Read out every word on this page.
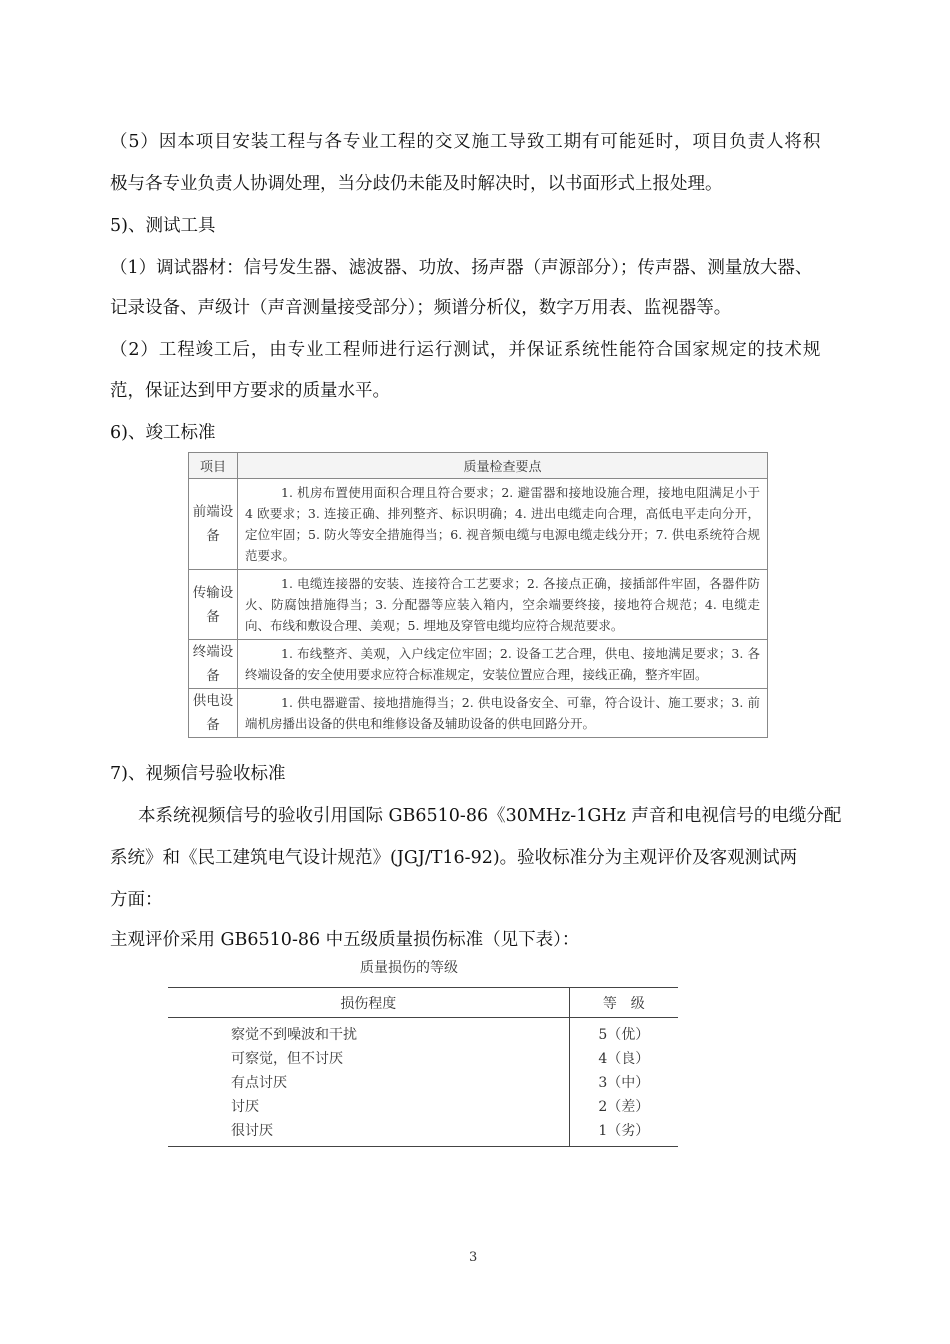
（5）因本项目安装工程与各专业工程的交叉施工导致工期有可能延时，项目负责人将积
极与各专业负责人协调处理，当分歧仍未能及时解决时，以书面形式上报处理。
5)、测试工具
（1）调试器材：信号发生器、滤波器、功放、扬声器（声源部分）；传声器、测量放大器、
记录设备、声级计（声音测量接受部分）；频谱分析仪，数字万用表、监视器等。
（2）工程竣工后，由专业工程师进行运行测试，并保证系统性能符合国家规定的技术规
范，保证达到甲方要求的质量水平。
6)、竣工标准
项目	质量检查要点
前端设备	1. 机房布置使用面积合理且符合要求；2. 避雷器和接地设施合理，接地电阻满足小于 4 欧要求；3. 连接正确、排列整齐、标识明确；4. 进出电缆走向合理，高低电平走向分开，定位牢固；5. 防火等安全措施得当；6. 视音频电缆与电源电缆走线分开；7. 供电系统符合规范要求。
传输设备	1. 电缆连接器的安装、连接符合工艺要求；2. 各接点正确，接插部件牢固，各器件防火、防腐蚀措施得当；3. 分配器等应装入箱内，空余端要终接，接地符合规范；4. 电缆走向、布线和敷设合理、美观；5. 埋地及穿管电缆均应符合规范要求。
终端设备	1. 布线整齐、美观，入户线定位牢固；2. 设备工艺合理，供电、接地满足要求；3. 各终端设备的安全使用要求应符合标准规定，安装位置应合理，接线正确，整齐牢固。
供电设备	1. 供电器避雷、接地措施得当；2. 供电设备安全、可靠，符合设计、施工要求；3. 前端机房播出设备的供电和维修设备及辅助设备的供电回路分开。
7)、视频信号验收标准
本系统视频信号的验收引用国际 GB6510-86《30MHz-1GHz 声音和电视信号的电缆分配
系统》和《民工建筑电气设计规范》(JGJ/T16-92)。验收标准分为主观评价及客观测试两
方面：
主观评价采用 GB6510-86 中五级质量损伤标准（见下表）：
质量损伤的等级
损伤程度	等　级
察觉不到噪波和干扰	5（优）
可察觉，但不讨厌	4（良）
有点讨厌	3（中）
讨厌	2（差）
很讨厌	1（劣）
3
